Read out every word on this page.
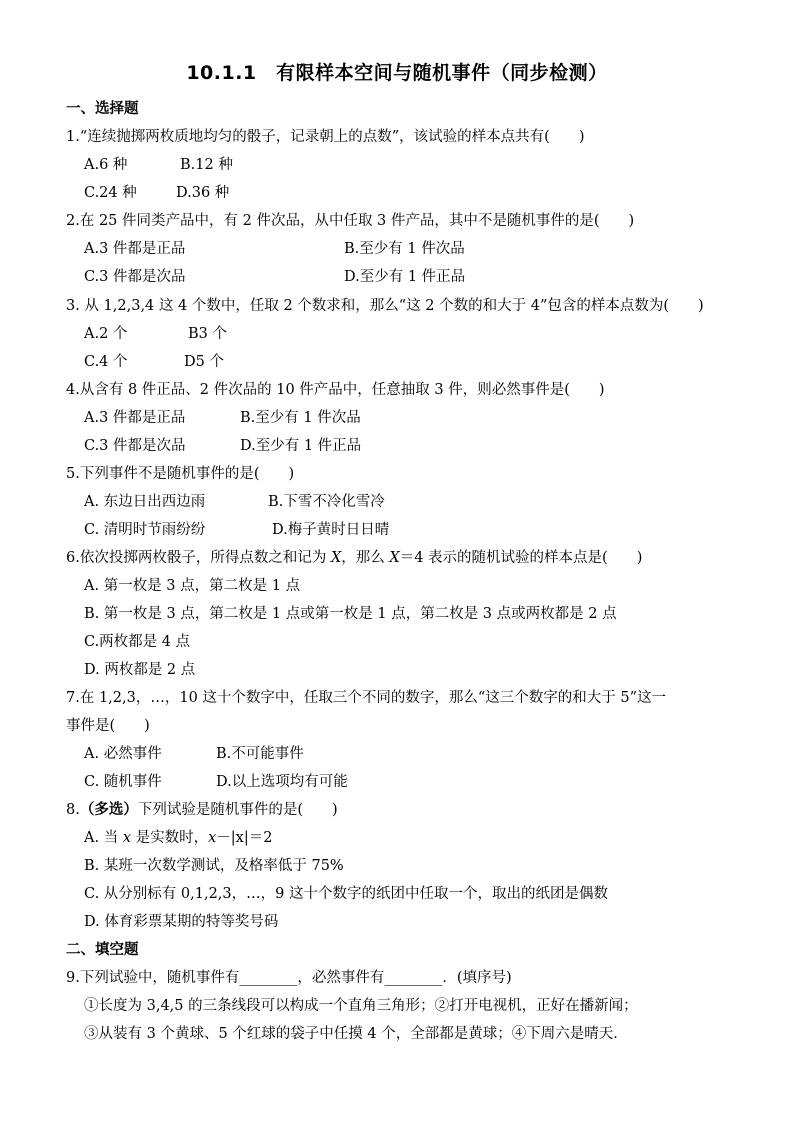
10.1.1　有限样本空间与随机事件（同步检测）
一、选择题
1.“连续抛掷两枚质地均匀的骰子，记录朝上的点数”，该试验的样本点共有(　　)
A.6 种	B.12 种
C.24 种	D.36 种
2.在 25 件同类产品中，有 2 件次品，从中任取 3 件产品，其中不是随机事件的是(　　)
A.3 件都是正品	B.至少有 1 件次品
C.3 件都是次品	D.至少有 1 件正品
3. 从 1,2,3,4 这 4 个数中，任取 2 个数求和，那么“这 2 个数的和大于 4”包含的样本点数为(　　)
A.2 个	B3 个
C.4 个	D5 个
4.从含有 8 件正品、2 件次品的 10 件产品中，任意抽取 3 件，则必然事件是(　　)
A.3 件都是正品	B.至少有 1 件次品
C.3 件都是次品	D.至少有 1 件正品
5.下列事件不是随机事件的是(　　)
A. 东边日出西边雨	B.下雪不冷化雪冷
C. 清明时节雨纷纷	D.梅子黄时日日晴
6.依次投掷两枚骰子，所得点数之和记为 X，那么 X＝4 表示的随机试验的样本点是(　　)
A. 第一枚是 3 点，第二枚是 1 点
B. 第一枚是 3 点，第二枚是 1 点或第一枚是 1 点，第二枚是 3 点或两枚都是 2 点
C.两枚都是 4 点
D. 两枚都是 2 点
7.在 1,2,3，…，10 这十个数字中，任取三个不同的数字，那么“这三个数字的和大于 5”这一
事件是(　　)
A. 必然事件	B.不可能事件
C. 随机事件	D.以上选项均有可能
8.（多选）下列试验是随机事件的是(　　)
A. 当 x 是实数时，x－|x|＝2
B. 某班一次数学测试，及格率低于 75%
C. 从分别标有 0,1,2,3，…，9 这十个数字的纸团中任取一个，取出的纸团是偶数
D. 体育彩票某期的特等奖号码
二、填空题
9.下列试验中，随机事件有________，必然事件有________．(填序号)
①长度为 3,4,5 的三条线段可以构成一个直角三角形；②打开电视机，正好在播新闻；
③从装有 3 个黄球、5 个红球的袋子中任摸 4 个，全部都是黄球；④下周六是晴天．
